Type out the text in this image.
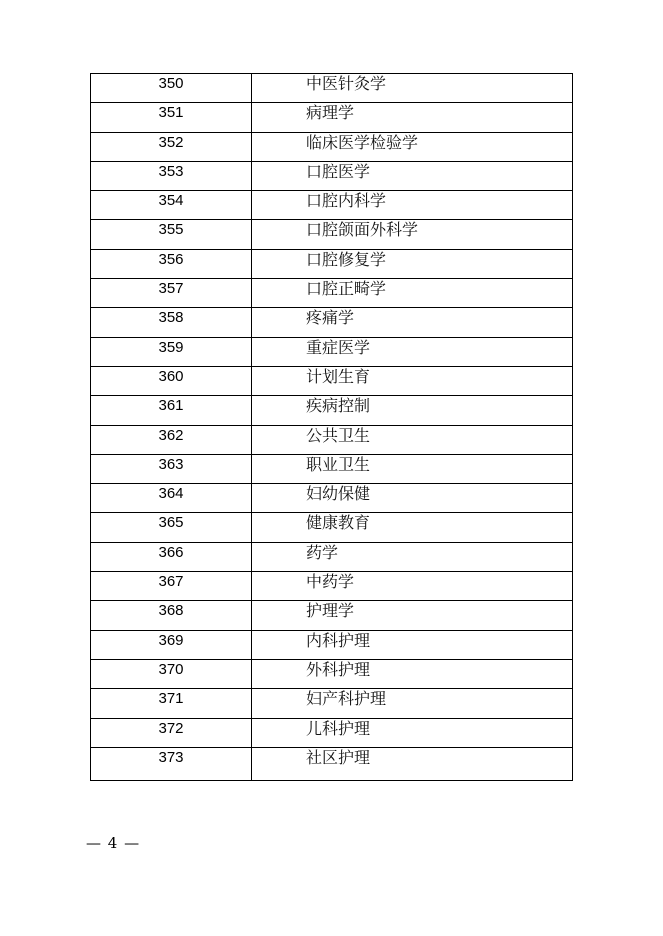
350	中医针灸学
351	病理学
352	临床医学检验学
353	口腔医学
354	口腔内科学
355	口腔颌面外科学
356	口腔修复学
357	口腔正畸学
358	疼痛学
359	重症医学
360	计划生育
361	疾病控制
362	公共卫生
363	职业卫生
364	妇幼保健
365	健康教育
366	药学
367	中药学
368	护理学
369	内科护理
370	外科护理
371	妇产科护理
372	儿科护理
373	社区护理
— 4 —
